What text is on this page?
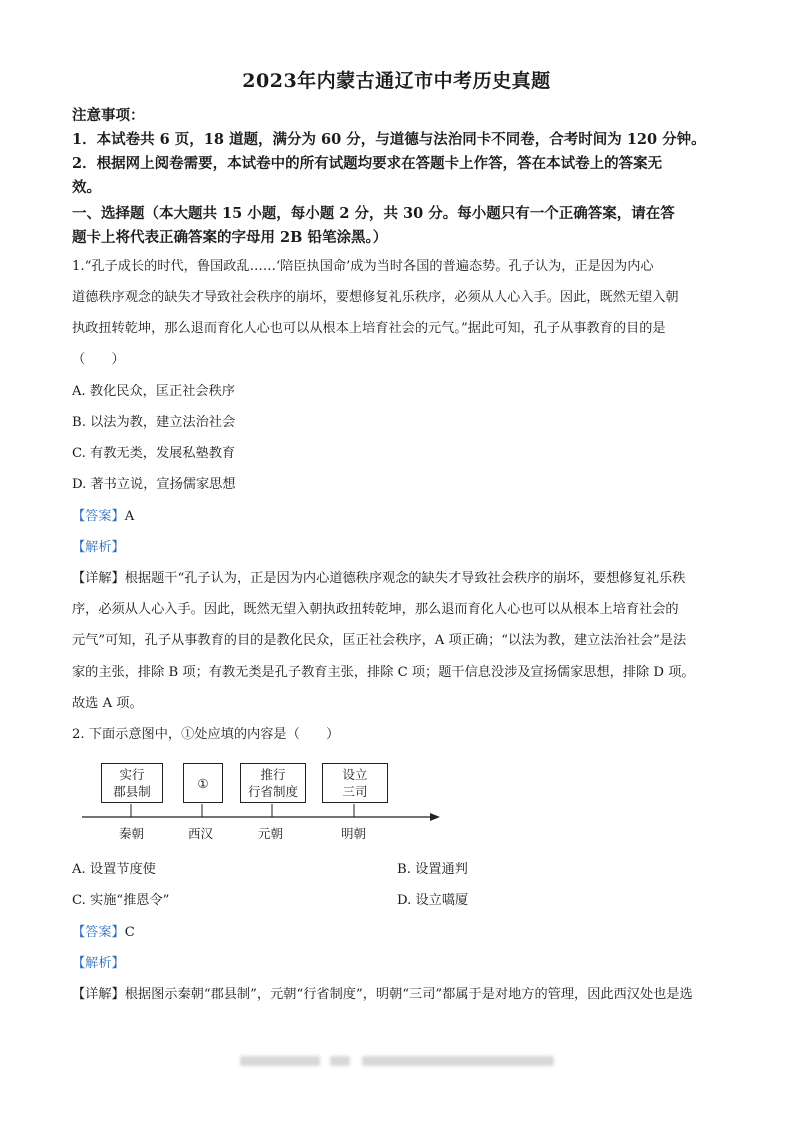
2023年内蒙古通辽市中考历史真题
注意事项：
1．本试卷共 6 页，18 道题，满分为 60 分，与道德与法治同卡不同卷，合考时间为 120 分钟。
2．根据网上阅卷需要，本试卷中的所有试题均要求在答题卡上作答，答在本试卷上的答案无
效。
一、选择题（本大题共 15 小题，每小题 2 分，共 30 分。每小题只有一个正确答案，请在答
题卡上将代表正确答案的字母用 2B 铅笔涂黑。）
1.“孔子成长的时代，鲁国政乱……‘陪臣执国命’成为当时各国的普遍态势。孔子认为，正是因为内心
道德秩序观念的缺失才导致社会秩序的崩坏，要想修复礼乐秩序，必须从人心入手。因此，既然无望入朝
执政扭转乾坤，那么退而育化人心也可以从根本上培育社会的元气。”据此可知，孔子从事教育的目的是
（　　）
A. 教化民众，匡正社会秩序
B. 以法为教，建立法治社会
C. 有教无类，发展私塾教育
D. 著书立说，宣扬儒家思想
【答案】A
【解析】
【详解】根据题干“孔子认为，正是因为内心道德秩序观念的缺失才导致社会秩序的崩坏，要想修复礼乐秩
序，必须从人心入手。因此，既然无望入朝执政扭转乾坤，那么退而育化人心也可以从根本上培育社会的
元气”可知，孔子从事教育的目的是教化民众，匡正社会秩序，A 项正确；“以法为教，建立法治社会”是法
家的主张，排除 B 项；有教无类是孔子教育主张，排除 C 项；题干信息没涉及宣扬儒家思想，排除 D 项。
故选 A 项。
2. 下面示意图中，①处应填的内容是（　　）
实行
郡县制
①
推行
行省制度
设立
三司
秦朝	西汉	元朝	明朝
A. 设置节度使	B. 设置通判
C. 实施“推恩令”	D. 设立嚆厦
【答案】C
【解析】
【详解】根据图示秦朝“郡县制”，元朝“行省制度”，明朝“三司”都属于是对地方的管理，因此西汉处也是选
